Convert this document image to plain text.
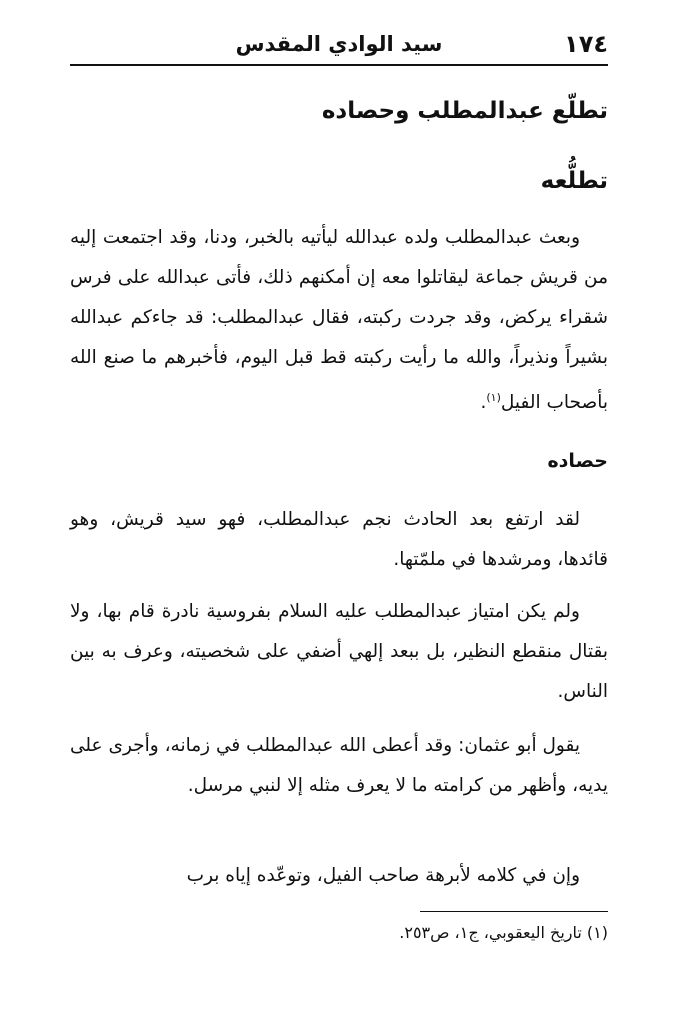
١٧٤
سيد الوادي المقدس
تطلّع عبدالمطلب وحصاده
تطلُّعه

وبعث عبدالمطلب ولده عبدالله ليأتيه بالخبر، ودنا، وقد اجتمعت إليه من قريش جماعة ليقاتلوا معه إن أمكنهم ذلك، فأتى عبدالله على فرس شقراء يركض، وقد جردت ركبته، فقال عبدالمطلب: قد جاءكم عبدالله بشيراً ونذيراً، والله ما رأيت ركبته قط قبل اليوم، فأخبرهم ما صنع الله بأصحاب الفيل$^{(١)}$.

حصاده

لقد ارتفع بعد الحادث نجم عبدالمطلب، فهو سيد قريش، وهو قائدها، ومرشدها في ملمّتها.

ولم يكن امتياز عبدالمطلب عليه السلام بفروسية نادرة قام بها، ولا بقتال منقطع النظير، بل ببعد إلهي أضفي على شخصيته، وعرف به بين الناس.

يقول أبو عثمان: وقد أعطى الله عبدالمطلب في زمانه، وأجرى على يديه، وأظهر من كرامته ما لا يعرف مثله إلا لنبي مرسل.

وإن في كلامه لأبرهة صاحب الفيل، وتوعّده إياه برب

(١) تاريخ اليعقوبي، ج١، ص٢٥٣.
